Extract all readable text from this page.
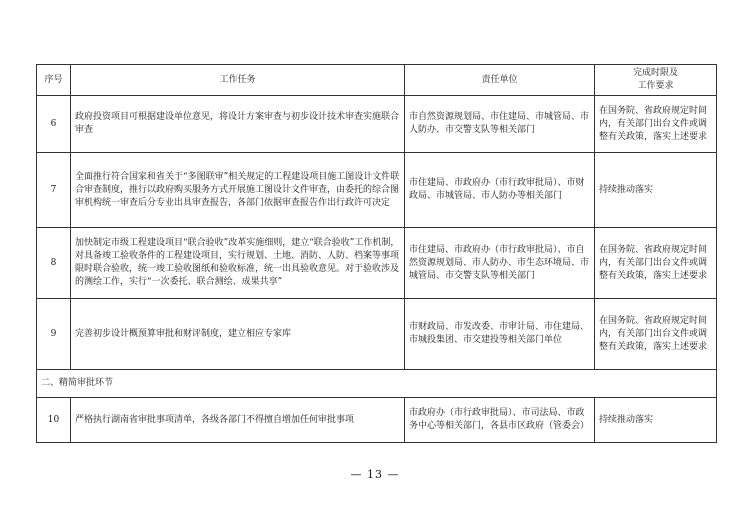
序号	工作任务	责任单位	完成时限及
工作要求
6	政府投资项目可根据建设单位意见，将设计方案审查与初步设计技术审查实施联合审查	市自然资源规划局、市住建局、市城管局、市人防办、市交警支队等相关部门	在国务院、省政府规定时间内，有关部门出台文件或调整有关政策，落实上述要求
7	全面推行符合国家和省关于“多图联审”相关规定的工程建设项目施工图设计文件联合审查制度，推行以政府购买服务方式开展施工图设计文件审查，由委托的综合图审机构统一审查后分专业出具审查报告，各部门依据审查报告作出行政许可决定	市住建局、市政府办（市行政审批局）、市财政局、市城管局、市人防办等相关部门	持续推动落实
8	加快制定市级工程建设项目“联合验收”改革实施细则，建立“联合验收”工作机制，对具备竣工验收条件的工程建设项目，实行规划、土地、消防、人防、档案等事项限时联合验收，统一竣工验收图纸和验收标准，统一出具验收意见。对于验收涉及的测绘工作，实行“一次委托、联合测绘、成果共享”	市住建局、市政府办（市行政审批局）、市自然资源规划局、市人防办、市生态环境局、市城管局、市交警支队等相关部门	在国务院、省政府规定时间内，有关部门出台文件或调整有关政策，落实上述要求
9	完善初步设计概预算审批和财评制度，建立相应专家库	市财政局、市发改委、市审计局、市住建局、市城投集团、市交建投等相关部门单位	在国务院、省政府规定时间内，有关部门出台文件或调整有关政策，落实上述要求
二、精简审批环节			
10	严格执行湖南省审批事项清单，各级各部门不得擅自增加任何审批事项	市政府办（市行政审批局）、市司法局、市政务中心等相关部门，各县市区政府（管委会）	持续推动落实
— 13 —
